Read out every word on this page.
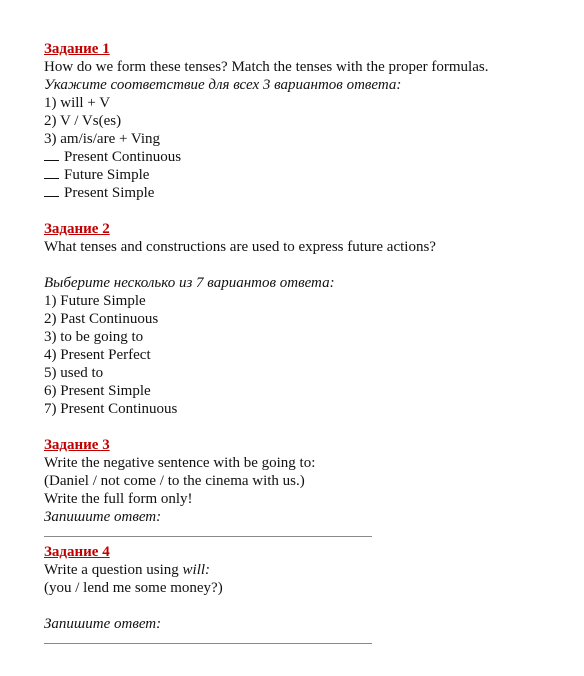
Задание 1
How do we form these tenses? Match the tenses with the proper formulas.
Укажите соответствие для всех 3 вариантов ответа:
1) will + V
2) V / Vs(es)
3) am/is/are + Ving
Present Continuous
Future Simple
Present Simple
Задание 2
What tenses and constructions are used to express future actions?
Выберите несколько из 7 вариантов ответа:
1) Future Simple
2) Past Continuous
3) to be going to
4) Present Perfect
5) used to
6) Present Simple
7) Present Continuous
Задание 3
Write the negative sentence with be going to:
(Daniel / not come / to the cinema with us.)
Write the full form only!
Запишите ответ:
Задание 4
Write a question using will:
(you / lend me some money?)
Запишите ответ:
